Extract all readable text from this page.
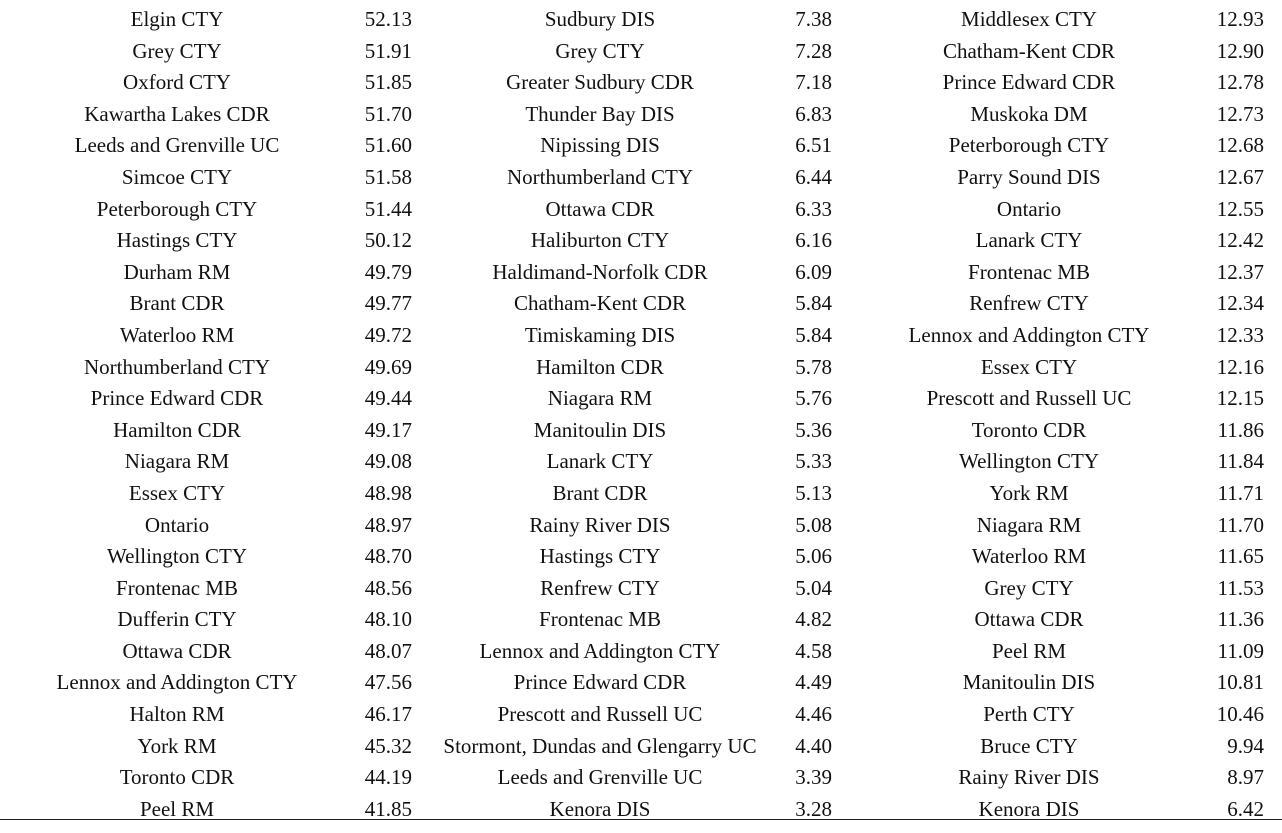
Elgin CTY	52.13	Sudbury DIS	7.38	Middlesex CTY	12.93
Grey CTY	51.91	Grey CTY	7.28	Chatham-Kent CDR	12.90
Oxford CTY	51.85	Greater Sudbury CDR	7.18	Prince Edward CDR	12.78
Kawartha Lakes CDR	51.70	Thunder Bay DIS	6.83	Muskoka DM	12.73
Leeds and Grenville UC	51.60	Nipissing DIS	6.51	Peterborough CTY	12.68
Simcoe CTY	51.58	Northumberland CTY	6.44	Parry Sound DIS	12.67
Peterborough CTY	51.44	Ottawa CDR	6.33	Ontario	12.55
Hastings CTY	50.12	Haliburton CTY	6.16	Lanark CTY	12.42
Durham RM	49.79	Haldimand-Norfolk CDR	6.09	Frontenac MB	12.37
Brant CDR	49.77	Chatham-Kent CDR	5.84	Renfrew CTY	12.34
Waterloo RM	49.72	Timiskaming DIS	5.84	Lennox and Addington CTY	12.33
Northumberland CTY	49.69	Hamilton CDR	5.78	Essex CTY	12.16
Prince Edward CDR	49.44	Niagara RM	5.76	Prescott and Russell UC	12.15
Hamilton CDR	49.17	Manitoulin DIS	5.36	Toronto CDR	11.86
Niagara RM	49.08	Lanark CTY	5.33	Wellington CTY	11.84
Essex CTY	48.98	Brant CDR	5.13	York RM	11.71
Ontario	48.97	Rainy River DIS	5.08	Niagara RM	11.70
Wellington CTY	48.70	Hastings CTY	5.06	Waterloo RM	11.65
Frontenac MB	48.56	Renfrew CTY	5.04	Grey CTY	11.53
Dufferin CTY	48.10	Frontenac MB	4.82	Ottawa CDR	11.36
Ottawa CDR	48.07	Lennox and Addington CTY	4.58	Peel RM	11.09
Lennox and Addington CTY	47.56	Prince Edward CDR	4.49	Manitoulin DIS	10.81
Halton RM	46.17	Prescott and Russell UC	4.46	Perth CTY	10.46
York RM	45.32	Stormont, Dundas and Glengarry UC	4.40	Bruce CTY	9.94
Toronto CDR	44.19	Leeds and Grenville UC	3.39	Rainy River DIS	8.97
Peel RM	41.85	Kenora DIS	3.28	Kenora DIS	6.42
